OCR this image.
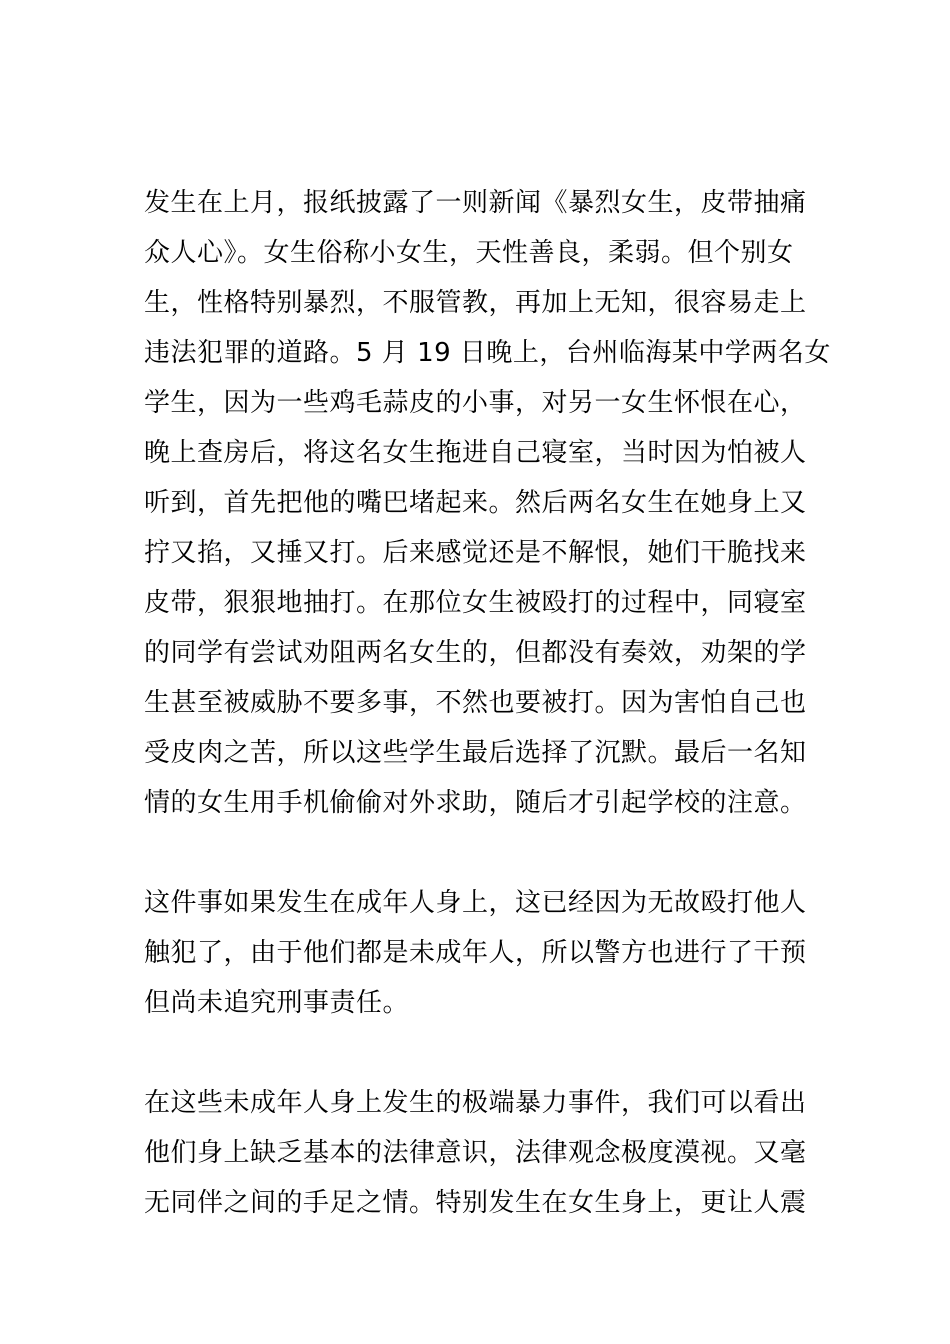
发生在上月，报纸披露了一则新闻《暴烈女生，皮带抽痛
众人心》。女生俗称小女生，天性善良，柔弱。但个别女
生，性格特别暴烈，不服管教，再加上无知，很容易走上
违法犯罪的道路。5 月 19 日晚上，台州临海某中学两名女
学生，因为一些鸡毛蒜皮的小事，对另一女生怀恨在心，
晚上查房后，将这名女生拖进自己寝室，当时因为怕被人
听到，首先把他的嘴巴堵起来。然后两名女生在她身上又
拧又掐，又捶又打。后来感觉还是不解恨，她们干脆找来
皮带，狠狠地抽打。在那位女生被殴打的过程中，同寝室
的同学有尝试劝阻两名女生的，但都没有奏效，劝架的学
生甚至被威胁不要多事，不然也要被打。因为害怕自己也
受皮肉之苦，所以这些学生最后选择了沉默。最后一名知
情的女生用手机偷偷对外求助，随后才引起学校的注意。
这件事如果发生在成年人身上，这已经因为无故殴打他人
触犯了，由于他们都是未成年人，所以警方也进行了干预
但尚未追究刑事责任。
在这些未成年人身上发生的极端暴力事件，我们可以看出
他们身上缺乏基本的法律意识，法律观念极度漠视。又毫
无同伴之间的手足之情。特别发生在女生身上，更让人震
